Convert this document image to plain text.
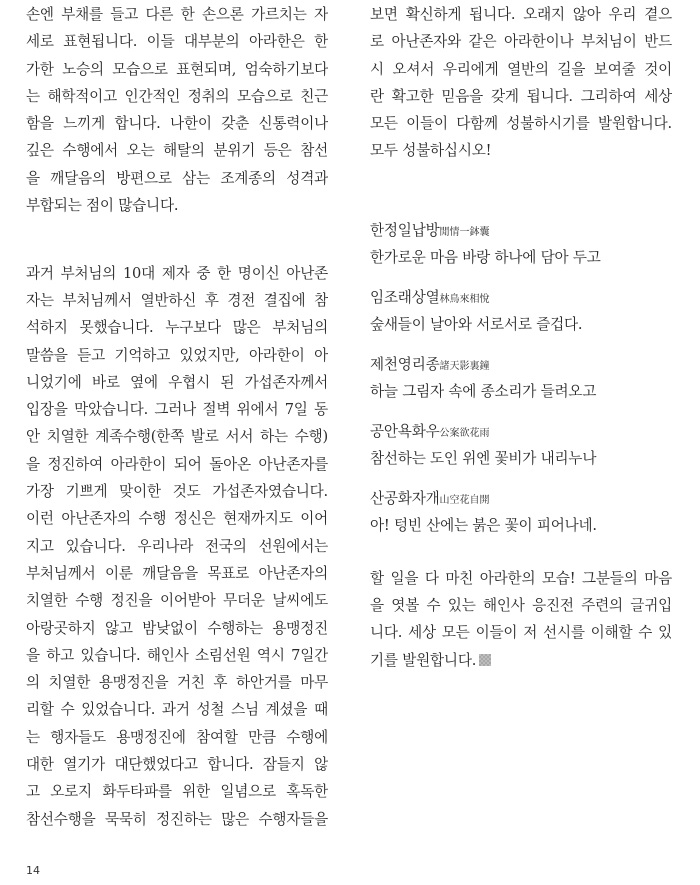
손엔 부채를 들고 다른 한 손으론 가르치는 자
세로 표현됩니다. 이들 대부분의 아라한은 한
가한 노승의 모습으로 표현되며, 엄숙하기보다
는 해학적이고 인간적인 정취의 모습으로 친근
함을 느끼게 합니다. 나한이 갖춘 신통력이나
깊은 수행에서 오는 해탈의 분위기 등은 참선
을 깨달음의 방편으로 삼는 조계종의 성격과
부합되는 점이 많습니다.
과거 부처님의 10대 제자 중 한 명이신 아난존
자는 부처님께서 열반하신 후 경전 결집에 참
석하지 못했습니다. 누구보다 많은 부처님의
말씀을 듣고 기억하고 있었지만, 아라한이 아
니었기에 바로 옆에 우협시 된 가섭존자께서
입장을 막았습니다. 그러나 절벽 위에서 7일 동
안 치열한 계족수행(한쪽 발로 서서 하는 수행)
을 정진하여 아라한이 되어 돌아온 아난존자를
가장 기쁘게 맞이한 것도 가섭존자였습니다.
이런 아난존자의 수행 정신은 현재까지도 이어
지고 있습니다. 우리나라 전국의 선원에서는
부처님께서 이룬 깨달음을 목표로 아난존자의
치열한 수행 정진을 이어받아 무더운 날씨에도
아랑곳하지 않고 밤낮없이 수행하는 용맹정진
을 하고 있습니다. 해인사 소림선원 역시 7일간
의 치열한 용맹정진을 거친 후 하안거를 마무
리할 수 있었습니다. 과거 성철 스님 계셨을 때
는 행자들도 용맹정진에 참여할 만큼 수행에
대한 열기가 대단했었다고 합니다. 잠들지 않
고 오로지 화두타파를 위한 일념으로 혹독한
참선수행을 묵묵히 정진하는 많은 수행자들을
보면 확신하게 됩니다. 오래지 않아 우리 곁으
로 아난존자와 같은 아라한이나 부처님이 반드
시 오셔서 우리에게 열반의 길을 보여줄 것이
란 확고한 믿음을 갖게 됩니다. 그리하여 세상
모든 이들이 다함께 성불하시기를 발원합니다.
모두 성불하십시오!
한정일납방閒情一鉢囊
한가로운 마음 바랑 하나에 담아 두고
임조래상열林鳥來相悅
숲새들이 날아와 서로서로 즐겁다.
제천영리종諸天影裏鐘
하늘 그림자 속에 종소리가 들려오고
공안욕화우公案欲花雨
참선하는 도인 위엔 꽃비가 내리누나
산공화자개山空花自開
아! 텅빈 산에는 붉은 꽃이 피어나네.
할 일을 다 마친 아라한의 모습! 그분들의 마음
을 엿볼 수 있는 해인사 응진전 주련의 글귀입
니다. 세상 모든 이들이 저 선시를 이해할 수 있
기를 발원합니다.
14
